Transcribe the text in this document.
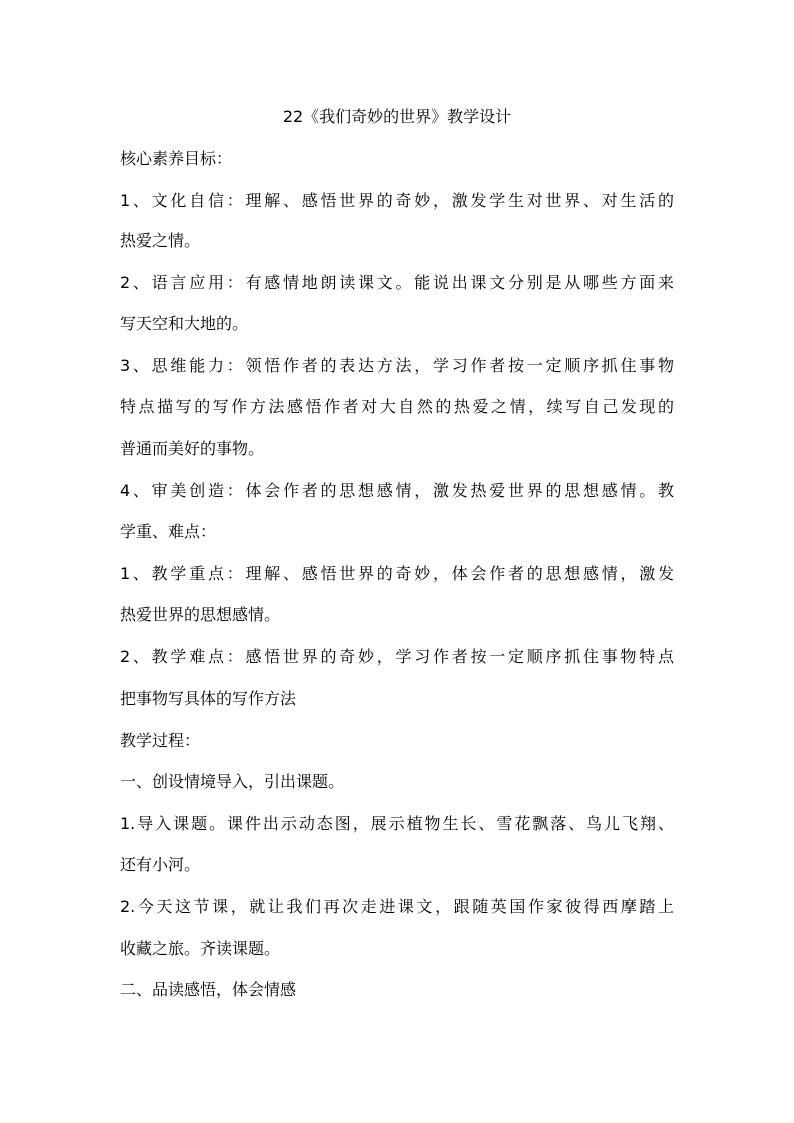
22《我们奇妙的世界》教学设计
核心素养目标：
1、文化自信：理解、感悟世界的奇妙，激发学生对世界、对生活的
热爱之情。
2、语言应用：有感情地朗读课文。能说出课文分别是从哪些方面来
写天空和大地的。
3、思维能力：领悟作者的表达方法，学习作者按一定顺序抓住事物
特点描写的写作方法感悟作者对大自然的热爱之情，续写自己发现的
普通而美好的事物。
4、审美创造：体会作者的思想感情，激发热爱世界的思想感情。教
学重、难点：
1、教学重点：理解、感悟世界的奇妙，体会作者的思想感情，激发
热爱世界的思想感情。
2、教学难点：感悟世界的奇妙，学习作者按一定顺序抓住事物特点
把事物写具体的写作方法
教学过程：
一、创设情境导入，引出课题。
1.导入课题。课件出示动态图，展示植物生长、雪花飘落、鸟儿飞翔、
还有小河。
2.今天这节课，就让我们再次走进课文，跟随英国作家彼得西摩踏上
收藏之旅。齐读课题。
二、品读感悟，体会情感
